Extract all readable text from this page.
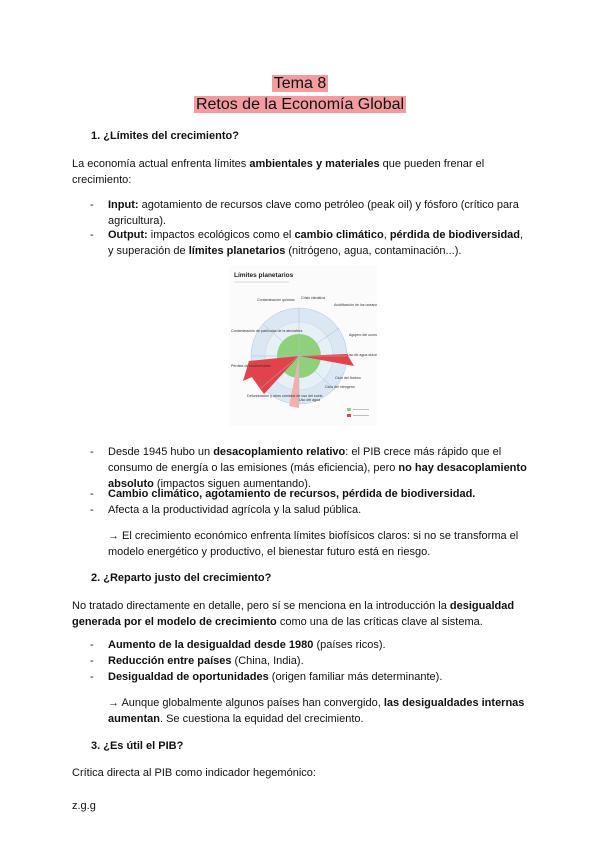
Tema 8
Retos de la Economía Global
1. ¿Límites del crecimiento?
La economía actual enfrenta límites ambientales y materiales que pueden frenar el crecimiento:
- Input: agotamiento de recursos clave como petróleo (peak oil) y fósforo (crítico para agricultura).
- Output: impactos ecológicos como el cambio climático, pérdida de biodiversidad, y superación de límites planetarios (nitrógeno, agua, contaminación...).
Límites planetarios
Contaminación química Crisis climática
Acidificación de los océanos
Contaminación de partículas de la atmósfera
Agujero del ozono
Uso de agua dulce
Pérdida de biodiversidad
Ciclo del fósforo
Ciclo del nitrógeno
Deforestación y otros cambios de uso del suelo
Uso del agua
- Desde 1945 hubo un desacoplamiento relativo: el PIB crece más rápido que el consumo de energía o las emisiones (más eficiencia), pero no hay desacoplamiento absoluto (impactos siguen aumentando).
- Cambio climático, agotamiento de recursos, pérdida de biodiversidad.
- Afecta a la productividad agrícola y la salud pública.
→ El crecimiento económico enfrenta límites biofísicos claros: si no se transforma el modelo energético y productivo, el bienestar futuro está en riesgo.
2. ¿Reparto justo del crecimiento?
No tratado directamente en detalle, pero sí se menciona en la introducción la desigualdad generada por el modelo de crecimiento como una de las críticas clave al sistema.
- Aumento de la desigualdad desde 1980 (países ricos).
- Reducción entre países (China, India).
- Desigualdad de oportunidades (origen familiar más determinante).
→ Aunque globalmente algunos países han convergido, las desigualdades internas aumentan. Se cuestiona la equidad del crecimiento.
3. ¿Es útil el PIB?
Crítica directa al PIB como indicador hegemónico:
z.g.g
